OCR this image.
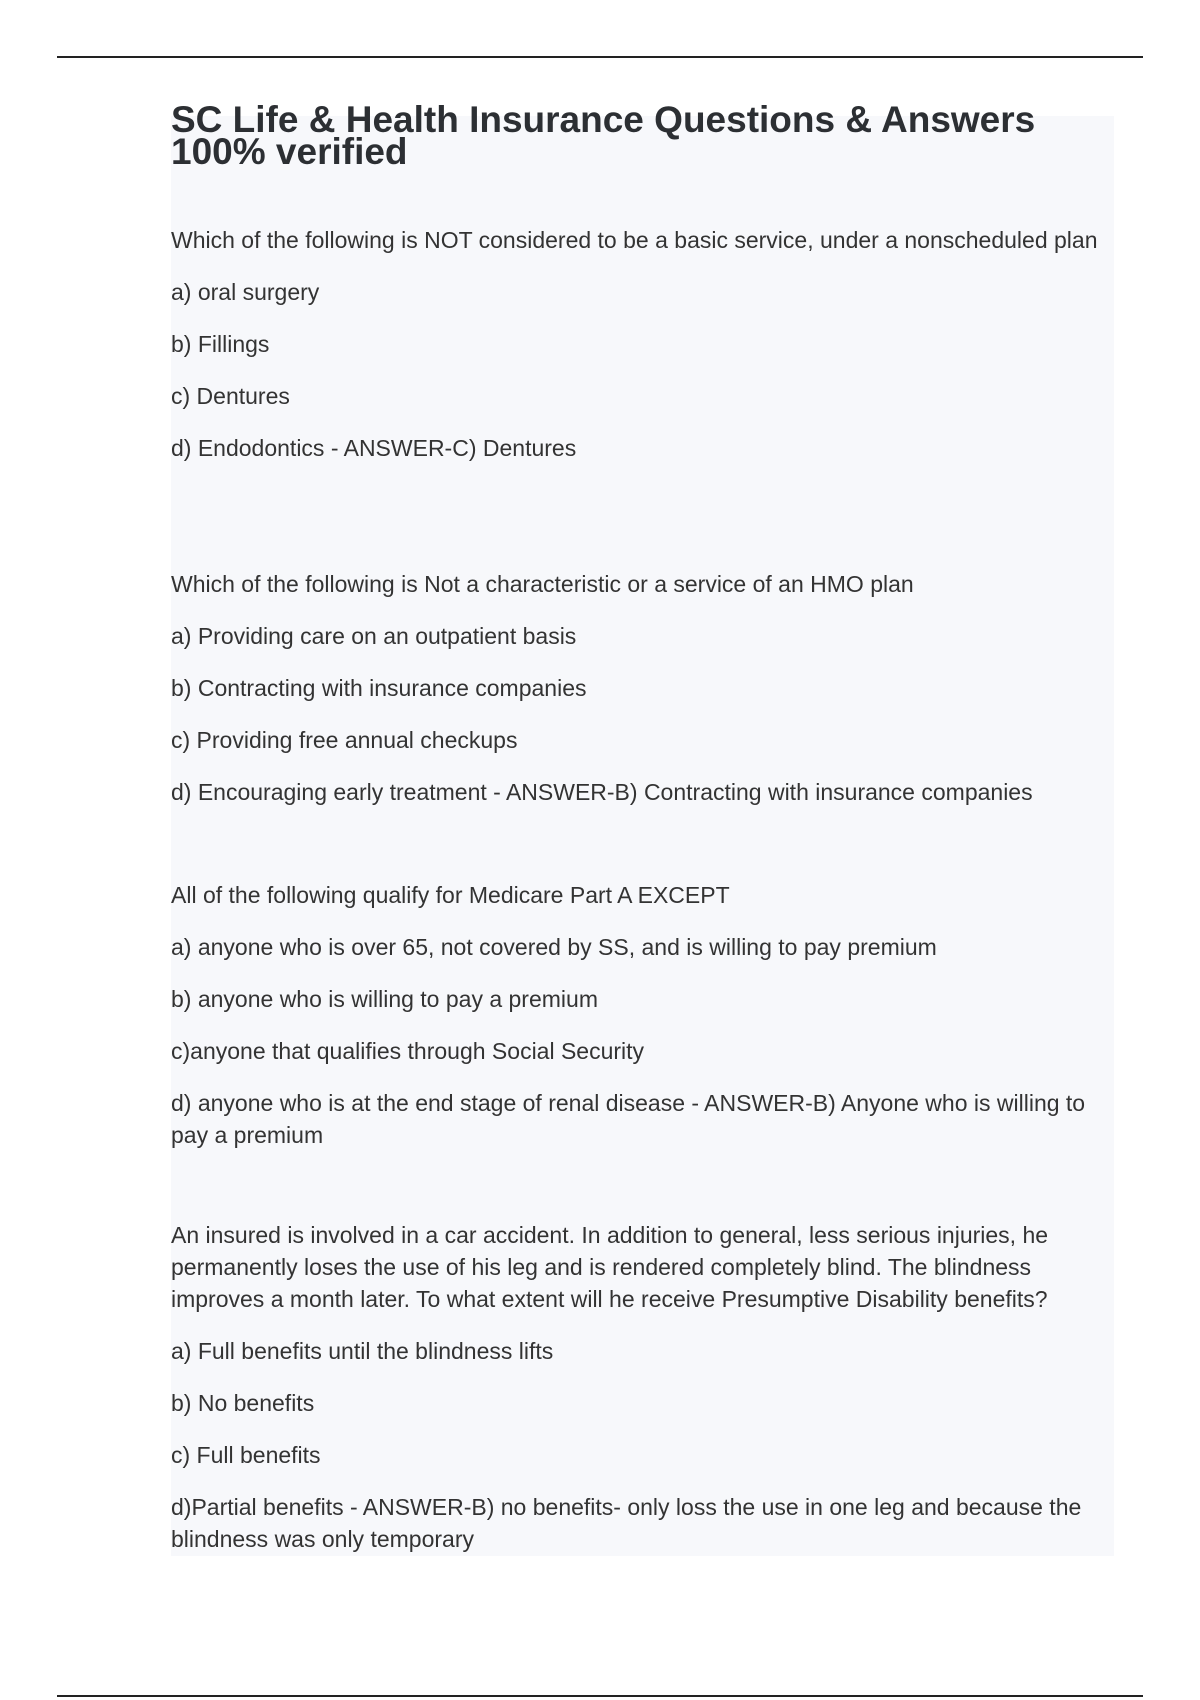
SC Life & Health Insurance Questions & Answers 100% verified

Which of the following is NOT considered to be a basic service, under a nonscheduled plan

a) oral surgery

b) Fillings

c) Dentures

d) Endodontics - ANSWER-C) Dentures

Which of the following is Not a characteristic or a service of an HMO plan

a) Providing care on an outpatient basis

b) Contracting with insurance companies

c) Providing free annual checkups

d) Encouraging early treatment - ANSWER-B) Contracting with insurance companies

All of the following qualify for Medicare Part A EXCEPT

a) anyone who is over 65, not covered by SS, and is willing to pay premium

b) anyone who is willing to pay a premium

c)anyone that qualifies through Social Security

d) anyone who is at the end stage of renal disease - ANSWER-B) Anyone who is willing to pay a premium

An insured is involved in a car accident. In addition to general, less serious injuries, he permanently loses the use of his leg and is rendered completely blind. The blindness improves a month later. To what extent will he receive Presumptive Disability benefits?

a) Full benefits until the blindness lifts

b) No benefits

c) Full benefits

d)Partial benefits - ANSWER-B) no benefits- only loss the use in one leg and because the blindness was only temporary
